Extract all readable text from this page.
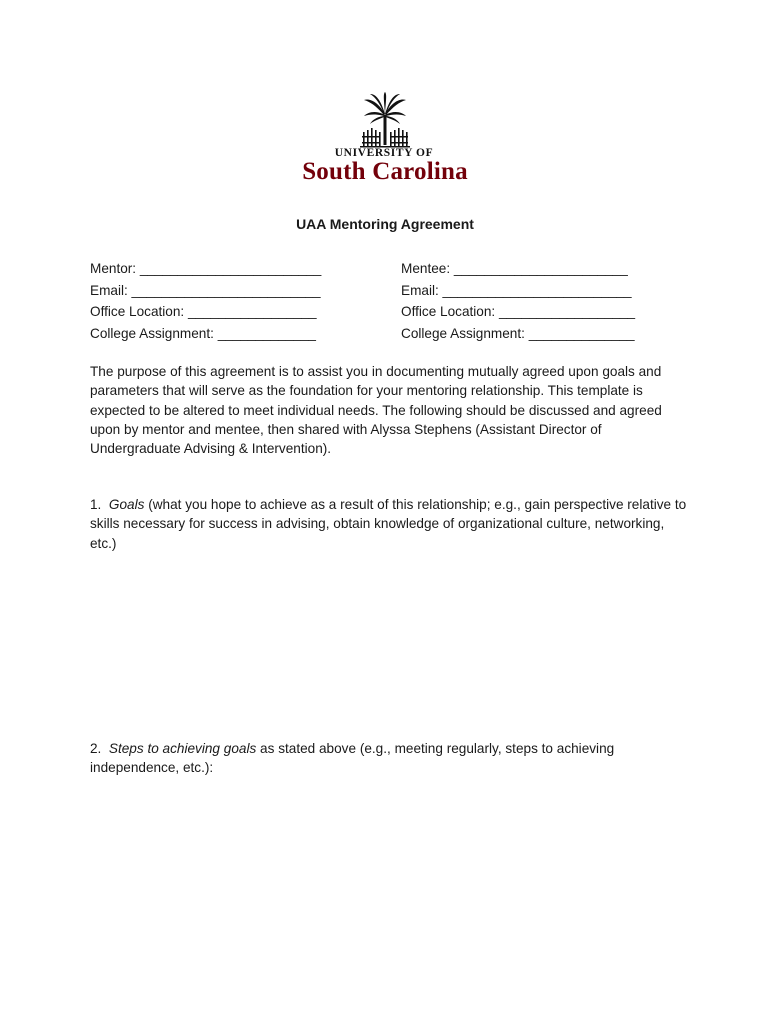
UNIVERSITY OF
South Carolina
UAA Mentoring Agreement
Mentor: ________________________
Email: _________________________
Office Location: _________________
College Assignment: _____________
Mentee: _______________________
Email: _________________________
Office Location: __________________
College Assignment: ______________

The purpose of this agreement is to assist you in documenting mutually agreed upon goals and parameters that will serve as the foundation for your mentoring relationship. This template is expected to be altered to meet individual needs. The following should be discussed and agreed upon by mentor and mentee, then shared with Alyssa Stephens (Assistant Director of Undergraduate Advising & Intervention).

1. Goals (what you hope to achieve as a result of this relationship; e.g., gain perspective relative to skills necessary for success in advising, obtain knowledge of organizational culture, networking, etc.)

2. Steps to achieving goals as stated above (e.g., meeting regularly, steps to achieving independence, etc.):
